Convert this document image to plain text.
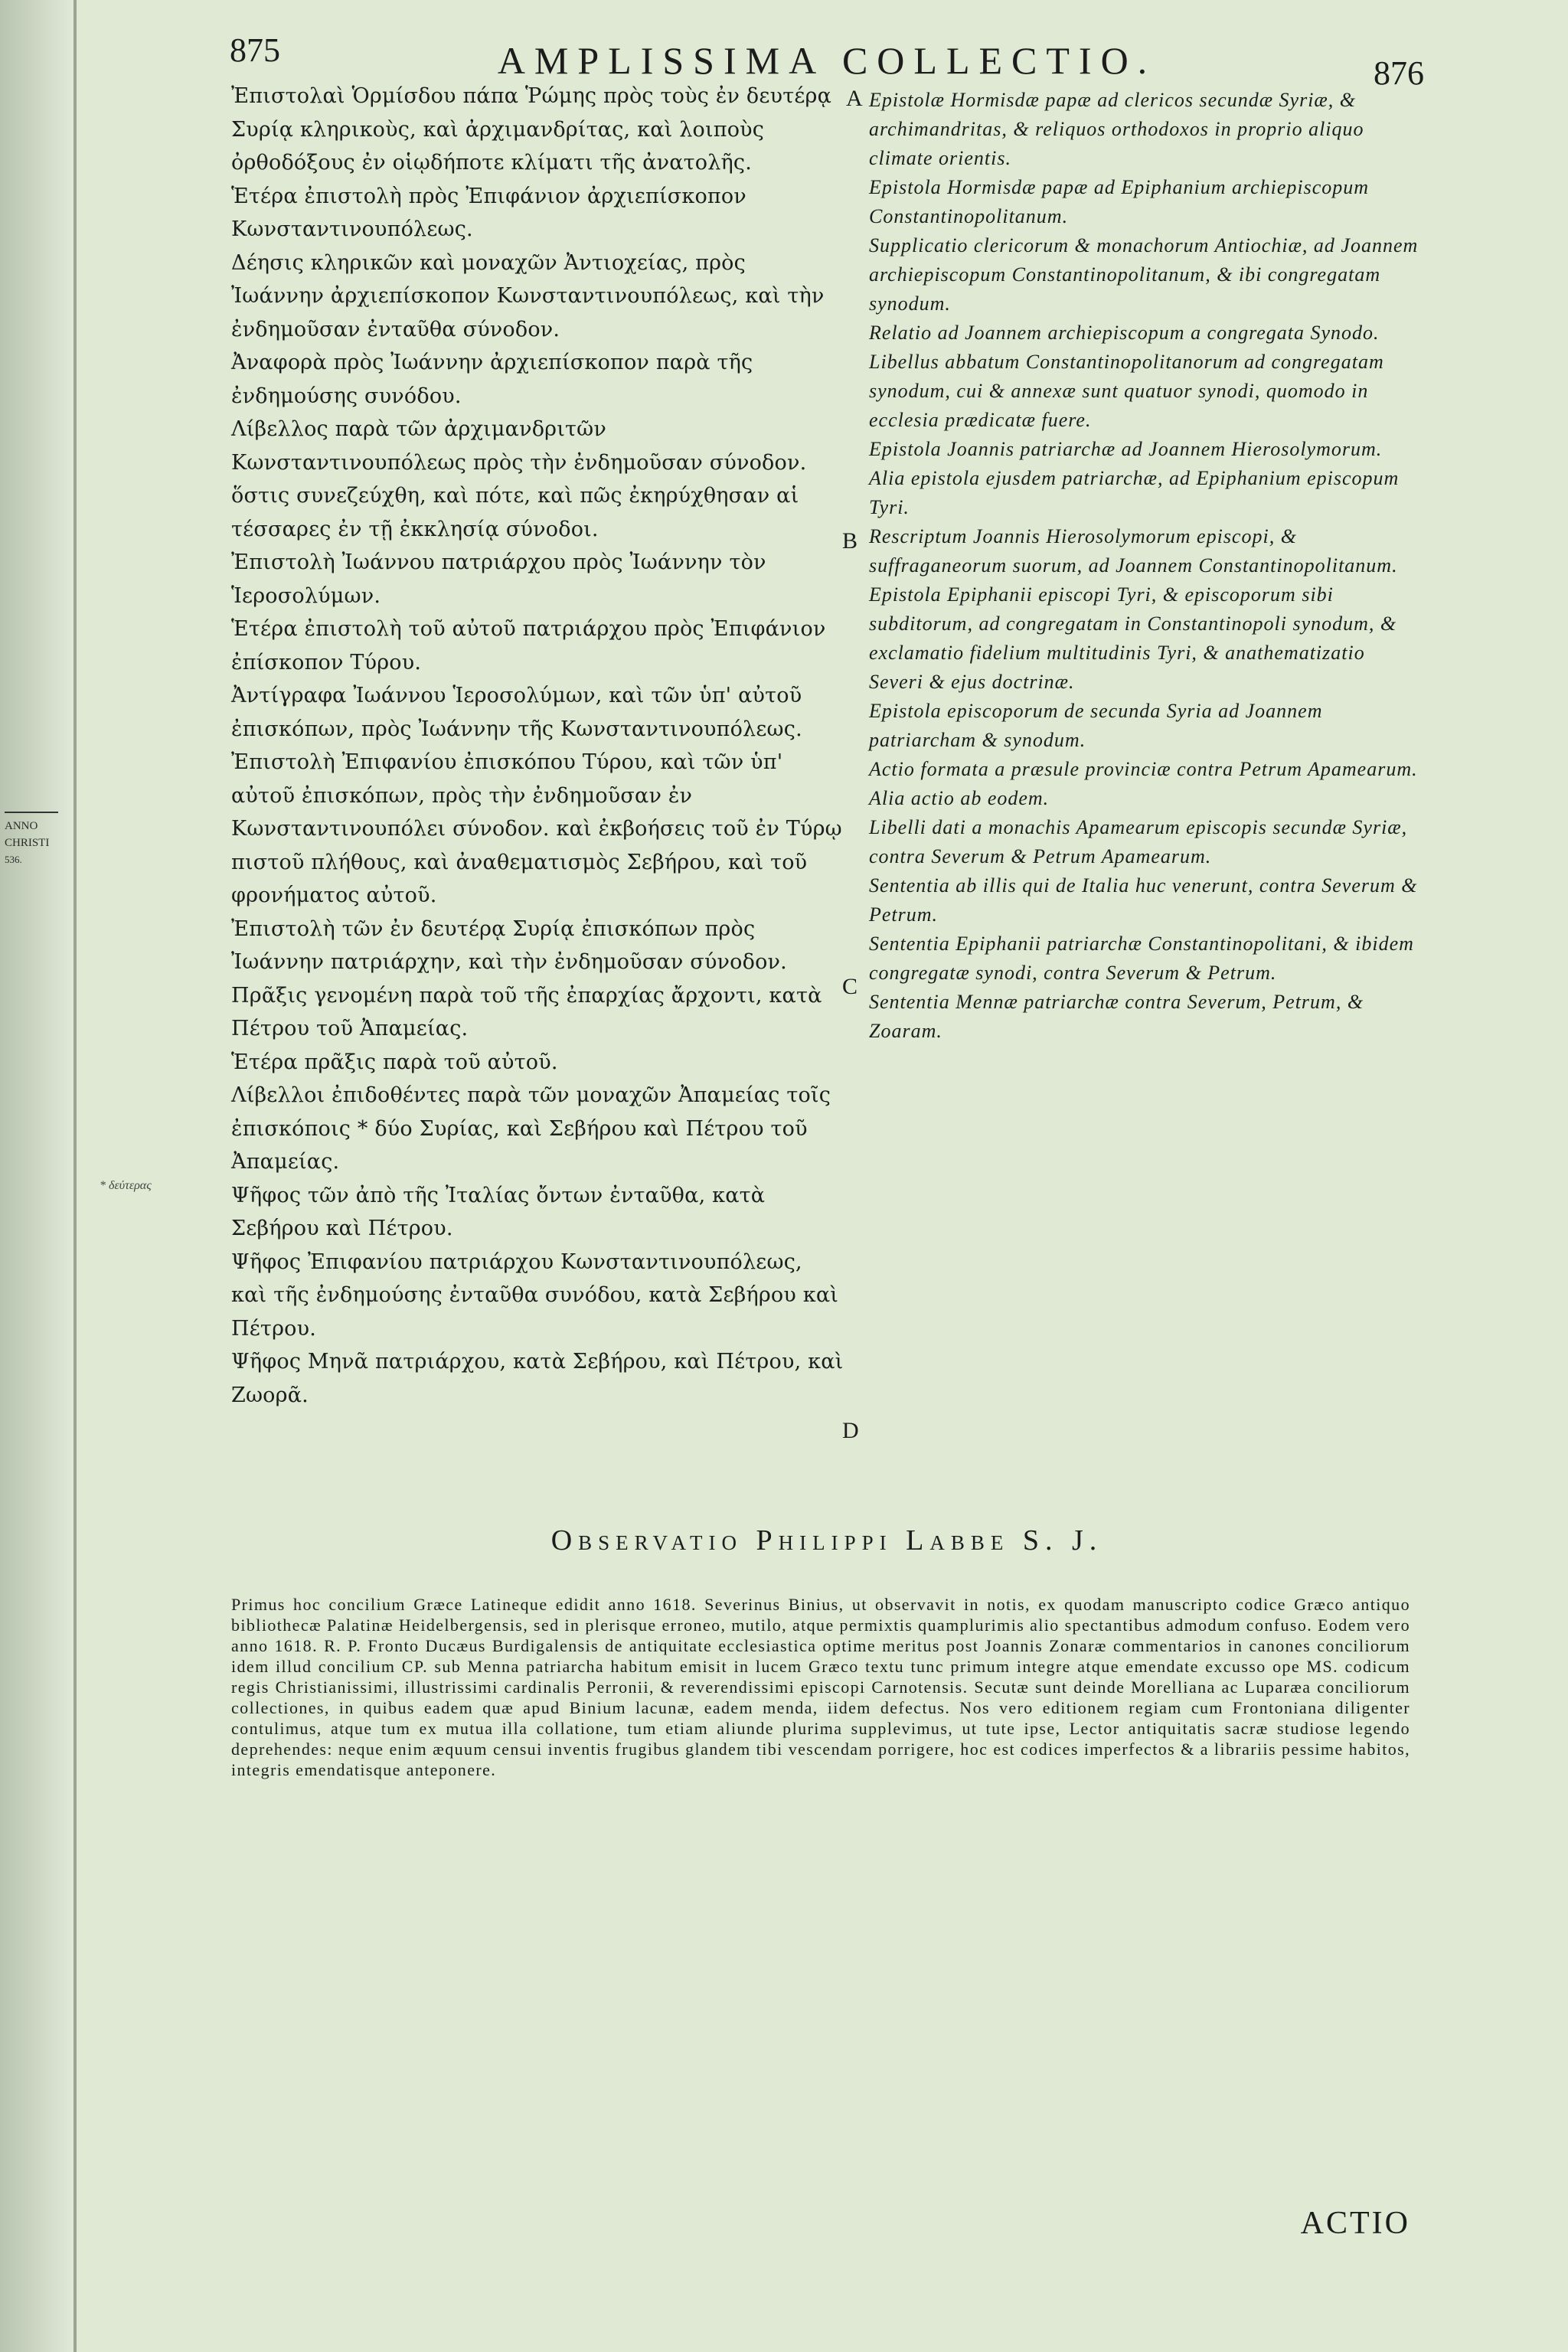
ANNO CHRISTI
536.
875	AMPLISSIMA COLLECTIO.	876

Ἐπιστολαὶ Ὁρμίσδου πάπα Ῥώμης πρὸς τοὺς ἐν δευτέρᾳ Συρίᾳ κληρικοὺς, καὶ ἀρχιμανδρίτας, καὶ λοιποὺς ὀρθοδόξους ἐν οἱῳδήποτε κλίματι τῆς ἀνατολῆς.

Ἑτέρα ἐπιστολὴ πρὸς Ἐπιφάνιον ἀρχιεπίσκοπον Κωνσταντινουπόλεως.

Δέησις κληρικῶν καὶ μοναχῶν Ἀντιοχείας, πρὸς Ἰωάννην ἀρχιεπίσκοπον Κωνσταντινουπόλεως, καὶ τὴν ἐνδημοῦσαν ἐνταῦθα σύνοδον.

Ἀναφορὰ πρὸς Ἰωάννην ἀρχιεπίσκοπον παρὰ τῆς ἐνδημούσης συνόδου.

Λίβελλος παρὰ τῶν ἀρχιμανδριτῶν Κωνσταντινουπόλεως πρὸς τὴν ἐνδημοῦσαν σύνοδον. ὅστις συνεζεύχθη, καὶ πότε, καὶ πῶς ἐκηρύχθησαν αἱ τέσσαρες ἐν τῇ ἐκκλησίᾳ σύνοδοι.

Ἐπιστολὴ Ἰωάννου πατριάρχου πρὸς Ἰωάννην τὸν Ἱεροσολύμων.

Ἑτέρα ἐπιστολὴ τοῦ αὐτοῦ πατριάρχου πρὸς Ἐπιφάνιον ἐπίσκοπον Τύρου.

Ἀντίγραφα Ἰωάννου Ἱεροσολύμων, καὶ τῶν ὑπ' αὐτοῦ ἐπισκόπων, πρὸς Ἰωάννην τῆς Κωνσταντινουπόλεως.

Ἐπιστολὴ Ἐπιφανίου ἐπισκόπου Τύρου, καὶ τῶν ὑπ' αὐτοῦ ἐπισκόπων, πρὸς τὴν ἐνδημοῦσαν ἐν Κωνσταντινουπόλει σύνοδον. καὶ ἐκβοήσεις τοῦ ἐν Τύρῳ πιστοῦ πλήθους, καὶ ἀναθεματισμὸς Σεβήρου, καὶ τοῦ φρονήματος αὐτοῦ.

Ἐπιστολὴ τῶν ἐν δευτέρᾳ Συρίᾳ ἐπισκόπων πρὸς Ἰωάννην πατριάρχην, καὶ τὴν ἐνδημοῦσαν σύνοδον.

Πρᾶξις γενομένη παρὰ τοῦ τῆς ἐπαρχίας ἄρχοντι, κατὰ Πέτρου τοῦ Ἀπαμείας.

Ἑτέρα πρᾶξις παρὰ τοῦ αὐτοῦ.

Λίβελλοι ἐπιδοθέντες παρὰ τῶν μοναχῶν Ἀπαμείας τοῖς ἐπισκόποις * δύο Συρίας, καὶ Σεβήρου καὶ Πέτρου τοῦ Ἀπαμείας.

Ψῆφος τῶν ἀπὸ τῆς Ἰταλίας ὄντων ἐνταῦθα, κατὰ Σεβήρου καὶ Πέτρου.

Ψῆφος Ἐπιφανίου πατριάρχου Κωνσταντινουπόλεως, καὶ τῆς ἐνδημούσης ἐνταῦθα συνόδου, κατὰ Σεβήρου καὶ Πέτρου.

Ψῆφος Μηνᾶ πατριάρχου, κατὰ Σεβήρου, καὶ Πέτρου, καὶ Ζωορᾶ.

A
B
C
D

Epistolæ Hormisdæ papæ ad clericos secundæ Syriæ, & archimandritas, & reliquos orthodoxos in proprio aliquo climate orientis.

Epistola Hormisdæ papæ ad Epiphanium archiepiscopum Constantinopolitanum.

Supplicatio clericorum & monachorum Antiochiæ, ad Joannem archiepiscopum Constantinopolitanum, & ibi congregatam synodum.

Relatio ad Joannem archiepiscopum a congregata Synodo.

Libellus abbatum Constantinopolitanorum ad congregatam synodum, cui & annexæ sunt quatuor synodi, quomodo in ecclesia prædicatæ fuere.

Epistola Joannis patriarchæ ad Joannem Hierosolymorum.

Alia epistola ejusdem patriarchæ, ad Epiphanium episcopum Tyri.

Rescriptum Joannis Hierosolymorum episcopi, & suffraganeorum suorum, ad Joannem Constantinopolitanum.

Epistola Epiphanii episcopi Tyri, & episcoporum sibi subditorum, ad congregatam in Constantinopoli synodum, & exclamatio fidelium multitudinis Tyri, & anathematizatio Severi & ejus doctrinæ.

Epistola episcoporum de secunda Syria ad Joannem patriarcham & synodum.

Actio formata a præsule provinciæ contra Petrum Apamearum.

Alia actio ab eodem.

Libelli dati a monachis Apamearum episcopis secundæ Syriæ, contra Severum & Petrum Apamearum.

Sententia ab illis qui de Italia huc venerunt, contra Severum & Petrum.

Sententia Epiphanii patriarchæ Constantinopolitani, & ibidem congregatæ synodi, contra Severum & Petrum.

Sententia Mennæ patriarchæ contra Severum, Petrum, & Zoaram.

* δεύτερας
Observatio Philippi Labbe S. J.
Primus hoc concilium Græce Latineque edidit anno 1618. Severinus Binius, ut observavit in notis, ex quodam manuscripto codice Græco antiquo bibliothecæ Palatinæ Heidelbergensis, sed in plerisque erroneo, mutilo, atque permixtis quamplurimis alio spectantibus admodum confuso. Eodem vero anno 1618. R. P. Fronto Ducæus Burdigalensis de antiquitate ecclesiastica optime meritus post Joannis Zonaræ commentarios in canones conciliorum idem illud concilium CP. sub Menna patriarcha habitum emisit in lucem Græco textu tunc primum integre atque emendate excusso ope MS. codicum regis Christianissimi, illustrissimi cardinalis Perronii, & reverendissimi episcopi Carnotensis. Secutæ sunt deinde Morelliana ac Luparæa conciliorum collectiones, in quibus eadem quæ apud Binium lacunæ, eadem menda, iidem defectus. Nos vero editionem regiam cum Frontoniana diligenter contulimus, atque tum ex mutua illa collatione, tum etiam aliunde plurima supplevimus, ut tute ipse, Lector antiquitatis sacræ studiose legendo deprehendes: neque enim æquum censui inventis frugibus glandem tibi vescendam porrigere, hoc est codices imperfectos & a librariis pessime habitos, integris emendatisque anteponere.
ACTIO
